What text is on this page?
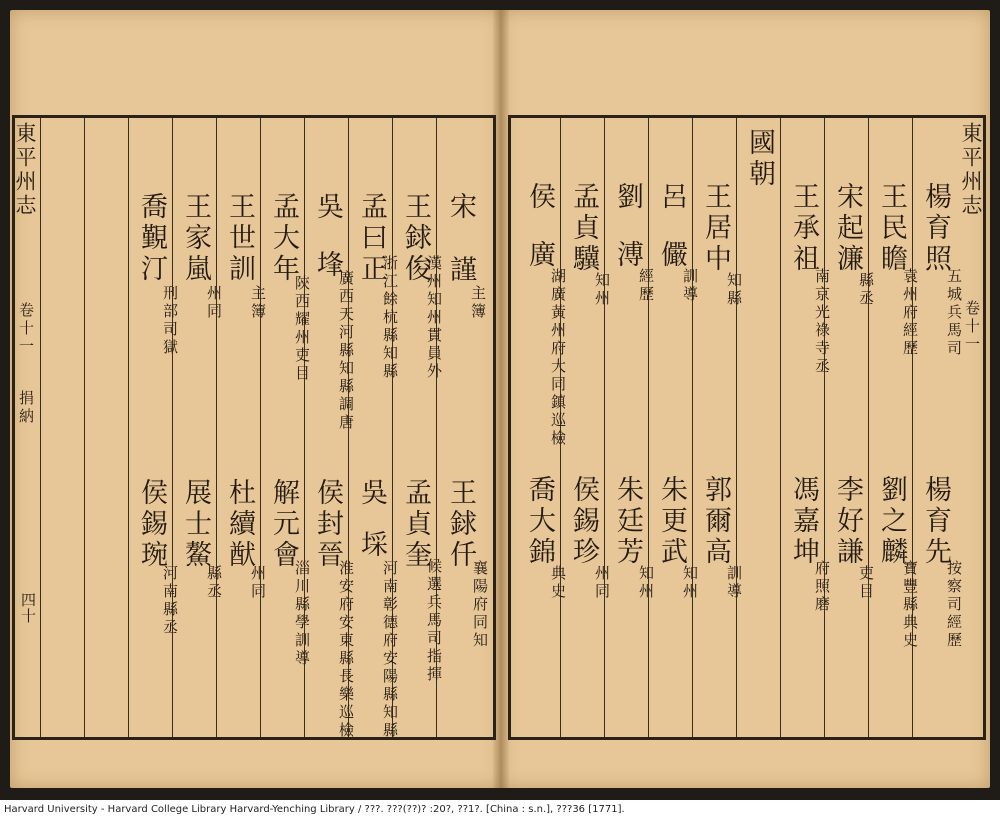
東平州志
卷十一
捐納
四十
東平州志
卷十一
宋
王銶仟
襄陽府同知
謹
主簿
王銶俊
漢州知州貫員外
孟貞奎
候選兵馬司指揮
孟曰正
浙江餘杭縣知縣
吳
埰
河南彰德府安陽縣知縣
吳
埄
廣西天河縣知縣調唐
侯封晉
淮安府安東縣長樂巡檢
孟大年
陝西耀州吏目
解元會
淄川縣學訓導
王世訓
主簿
杜續猷
州同
王家嵐
州同
展士鰲
縣丞
喬覲汀
刑部司獄
侯錫琬
河南縣丞
楊育照
五城兵馬司
楊育先
按察司經歷
王民瞻
袁州府經歷
劉之麟
寶豐縣典史
宋起濂
縣丞
李好謙
吏目
王承祖
南京光祿寺丞
馮嘉坤
府照磨
國朝
王居中
知縣
郭爾高
訓導
呂
儼
訓導
朱更武
知州
劉
溥
經歷
朱廷芳
知州
孟貞驥
知州
侯錫珍
州同
侯
廣
湖廣黃州府大同鎮巡檢
喬大錦
典史
Harvard University - Harvard College Library Harvard-Yenching Library / ???. ???(??)? :20?, ??1?. [China : s.n.], ???36 [1771].
